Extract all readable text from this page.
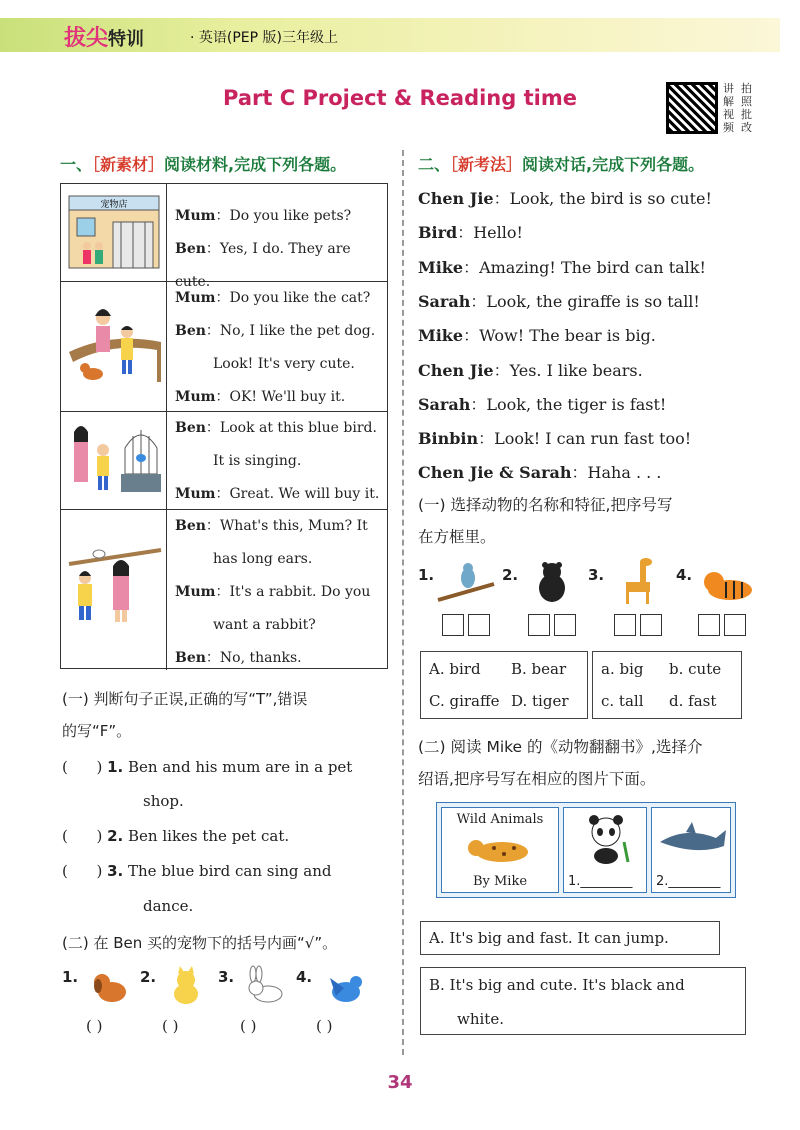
拔尖特训	· 英语(PEP 版)三年级上
Part C Project & Reading time	讲 拍
解 照
视 批
频 改
一、［新素材］阅读材料,完成下列各题。
宠物店
Mum：Do you like pets?
Ben：Yes, I do. They are cute.
Mum：Do you like the cat?
Ben：No, I like the pet dog.
Look! It's very cute.
Mum：OK! We'll buy it.
Ben：Look at this blue bird.
It is singing.
Mum：Great. We will buy it.
Ben：What's this, Mum? It
has long ears.
Mum：It's a rabbit. Do you
want a rabbit?
Ben：No, thanks.
(一) 判断句子正误,正确的写“T”,错误
的写“F”。
(      ) 1. Ben and his mum are in a pet
shop.
(      ) 2. Ben likes the pet cat.
(      ) 3. The blue bird can sing and
dance.
(二) 在 Ben 买的宠物下的括号内画“√”。
1.	2.	3.	4.
( )	( )	( )	( )
二、［新考法］阅读对话,完成下列各题。
Chen Jie：Look, the bird is so cute!
Bird：Hello!
Mike：Amazing! The bird can talk!
Sarah：Look, the giraffe is so tall!
Mike：Wow! The bear is big.
Chen Jie：Yes. I like bears.
Sarah：Look, the tiger is fast!
Binbin：Look! I can run fast too!
Chen Jie & Sarah：Haha . . .
(一) 选择动物的名称和特征,把序号写
在方框里。
1.	2.	3.	4.
A. bird B. bear
C. giraffe D. tiger
a. big b. cute
c. tall d. fast
(二) 阅读 Mike 的《动物翻翻书》,选择介
绍语,把序号写在相应的图片下面。
Wild Animals
By Mike	1.________ 2.________
A. It's big and fast. It can jump.
B. It's big and cute. It's black and
white.
34
